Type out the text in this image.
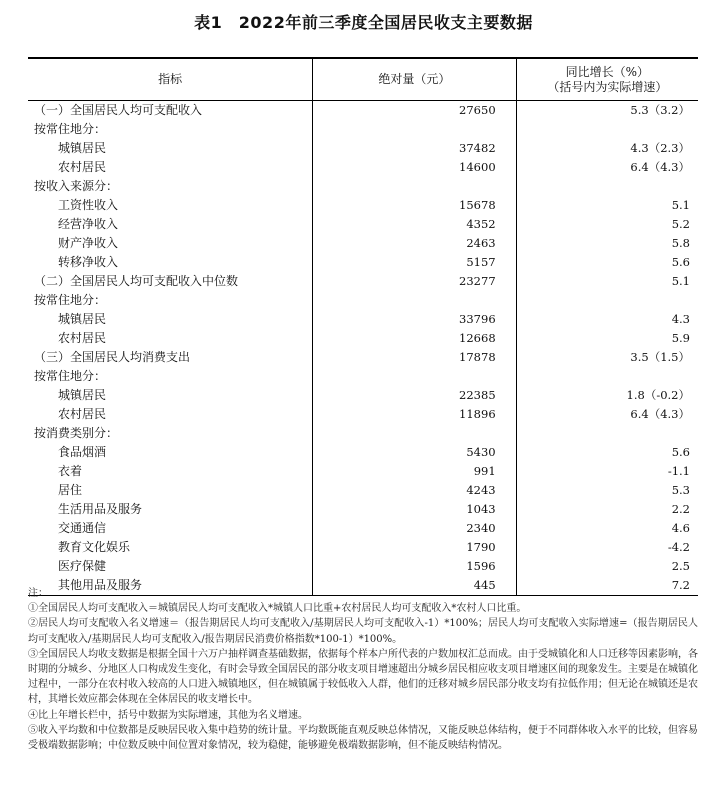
表1　2022年前三季度全国居民收支主要数据
指标	绝对量（元）	同比增长（%）
（括号内为实际增速）

（一）全国居民人均可支配收入	27650	5.3（3.2）
按常住地分：		
城镇居民	37482	4.3（2.3）
农村居民	14600	6.4（4.3）
按收入来源分：		
工资性收入	15678	5.1
经营净收入	4352	5.2
财产净收入	2463	5.8
转移净收入	5157	5.6
（二）全国居民人均可支配收入中位数	23277	5.1
按常住地分：		
城镇居民	33796	4.3
农村居民	12668	5.9
（三）全国居民人均消费支出	17878	3.5（1.5）
按常住地分：		
城镇居民	22385	1.8（-0.2）
农村居民	11896	6.4（4.3）
按消费类别分：		
食品烟酒	5430	5.6
衣着	991	-1.1
居住	4243	5.3
生活用品及服务	1043	2.2
交通通信	2340	4.6
教育文化娱乐	1790	-4.2
医疗保健	1596	2.5
其他用品及服务	445	7.2
注：
①全国居民人均可支配收入＝城镇居民人均可支配收入*城镇人口比重+农村居民人均可支配收入*农村人口比重。
②居民人均可支配收入名义增速＝（报告期居民人均可支配收入/基期居民人均可支配收入-1）*100%；居民人均可支配收入实际增速=（报告期居民人均可支配收入/基期居民人均可支配收入/报告期居民消费价格指数*100-1）*100%。
③全国居民人均收支数据是根据全国十六万户抽样调查基础数据，依据每个样本户所代表的户数加权汇总而成。由于受城镇化和人口迁移等因素影响，各时期的分城乡、分地区人口构成发生变化，有时会导致全国居民的部分收支项目增速超出分城乡居民相应收支项目增速区间的现象发生。主要是在城镇化过程中，一部分在农村收入较高的人口进入城镇地区，但在城镇属于较低收入人群，他们的迁移对城乡居民部分收支均有拉低作用；但无论在城镇还是农村，其增长效应都会体现在全体居民的收支增长中。
④比上年增长栏中，括号中数据为实际增速，其他为名义增速。
⑤收入平均数和中位数都是反映居民收入集中趋势的统计量。平均数既能直观反映总体情况，又能反映总体结构，便于不同群体收入水平的比较，但容易受极端数据影响；中位数反映中间位置对象情况，较为稳健，能够避免极端数据影响，但不能反映结构情况。
